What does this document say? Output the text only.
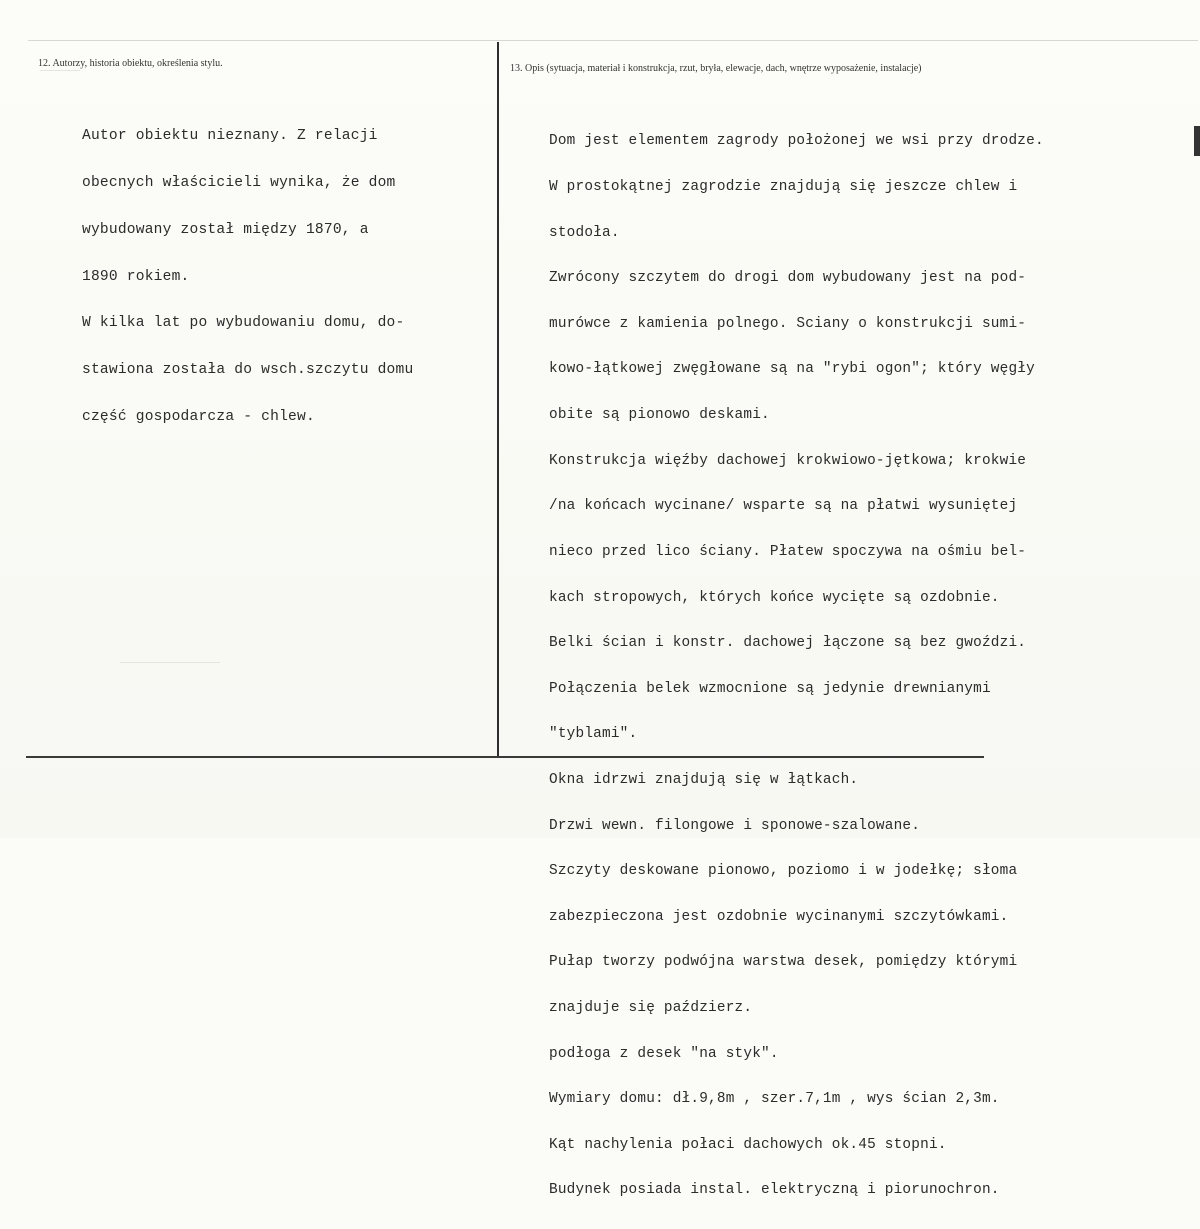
12. Autorzy, historia obiektu, określenia stylu.	13. Opis (sytuacja, materiał i konstrukcja, rzut, bryła, elewacje, dach, wnętrze wyposażenie, instalacje)

Autor obiektu nieznany. Z relacji

obecnych właścicieli wynika, że dom

wybudowany został między 1870, a

1890 rokiem.

W kilka lat po wybudowaniu domu, do-

stawiona została do wsch.szczytu domu

część gospodarcza - chlew.

Dom jest elementem zagrody położonej we wsi przy drodze.

W prostokątnej zagrodzie znajdują się jeszcze chlew i

stodoła.

Zwrócony szczytem do drogi dom wybudowany jest na pod-

murówce z kamienia polnego. Sciany o konstrukcji sumi-

kowo-łątkowej zwęgłowane są na "rybi ogon"; który węgły

obite są pionowo deskami.

Konstrukcja więźby dachowej krokwiowo-jętkowa; krokwie

/na końcach wycinane/ wsparte są na płatwi wysuniętej

nieco przed lico ściany. Płatew spoczywa na ośmiu bel-

kach stropowych, których końce wycięte są ozdobnie.

Belki ścian i konstr. dachowej łączone są bez gwoździ.

Połączenia belek wzmocnione są jedynie drewnianymi

"tyblami".

Okna idrzwi znajdują się w łątkach.

Drzwi wewn. filongowe i sponowe-szalowane.

Szczyty deskowane pionowo, poziomo i w jodełkę; słoma

zabezpieczona jest ozdobnie wycinanymi szczytówkami.

Pułap tworzy podwójna warstwa desek, pomiędzy którymi

znajduje się paździerz.

podłoga z desek "na styk".

Wymiary domu: dł.9,8m , szer.7,1m , wys ścian 2,3m.

Kąt nachylenia połaci dachowych ok.45 stopni.

Budynek posiada instal. elektryczną i piorunochron.
